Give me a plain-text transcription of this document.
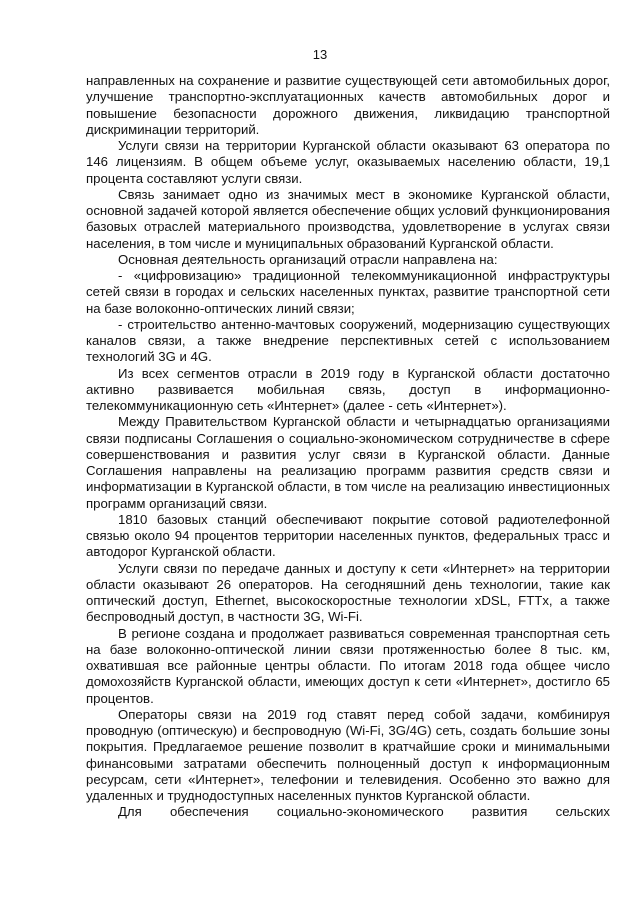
13

направленных на сохранение и развитие существующей сети автомобильных дорог, улучшение транспортно-эксплуатационных качеств автомобильных дорог и повышение безопасности дорожного движения, ликвидацию транспортной дискриминации территорий.

Услуги связи на территории Курганской области оказывают 63 оператора по 146 лицензиям. В общем объеме услуг, оказываемых населению области, 19,1 процента составляют услуги связи.

Связь занимает одно из значимых мест в экономике Курганской области, основной задачей которой является обеспечение общих условий функционирования базовых отраслей материального производства, удовлетворение в услугах связи населения, в том числе и муниципальных образований Курганской области.

Основная деятельность организаций отрасли направлена на:

- «цифровизацию» традиционной телекоммуникационной инфраструктуры сетей связи в городах и сельских населенных пунктах, развитие транспортной сети на базе волоконно-оптических линий связи;

- строительство антенно-мачтовых сооружений, модернизацию существующих каналов связи, а также внедрение перспективных сетей с использованием технологий 3G и 4G.

Из всех сегментов отрасли в 2019 году в Курганской области достаточно активно развивается мобильная связь, доступ в информационно-телекоммуникационную сеть «Интернет» (далее - сеть «Интернет»).

Между Правительством Курганской области и четырнадцатью организациями связи подписаны Соглашения о социально-экономическом сотрудничестве в сфере совершенствования и развития услуг связи в Курганской области. Данные Соглашения направлены на реализацию программ развития средств связи и информатизации в Курганской области, в том числе на реализацию инвестиционных программ организаций связи.

1810 базовых станций обеспечивают покрытие сотовой радиотелефонной связью около 94 процентов территории населенных пунктов, федеральных трасс и автодорог Курганской области.

Услуги связи по передаче данных и доступу к сети «Интернет» на территории области оказывают 26 операторов. На сегодняшний день технологии, такие как оптический доступ, Ethernet, высокоскоростные технологии xDSL, FTTx, а также беспроводный доступ, в частности 3G, Wi-Fi.

В регионе создана и продолжает развиваться современная транспортная сеть на базе волоконно-оптической линии связи протяженностью более 8 тыс. км, охватившая все районные центры области. По итогам 2018 года общее число домохозяйств Курганской области, имеющих доступ к сети «Интернет», достигло 65 процентов.

Операторы связи на 2019 год ставят перед собой задачи, комбинируя проводную (оптическую) и беспроводную (Wi-Fi, 3G/4G) сеть, создать большие зоны покрытия. Предлагаемое решение позволит в кратчайшие сроки и минимальными финансовыми затратами обеспечить полноценный доступ к информационным ресурсам, сети «Интернет», телефонии и телевидения. Особенно это важно для удаленных и труднодоступных населенных пунктов Курганской области.

Для обеспечения социально-экономического развития сельских
